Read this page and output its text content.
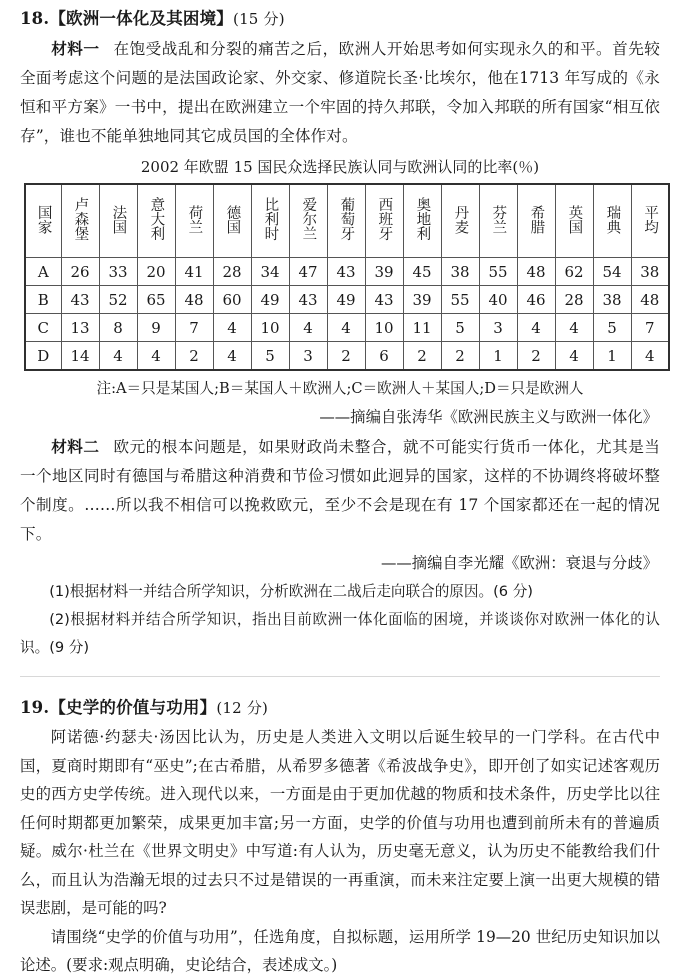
18.【欧洲一体化及其困境】(15 分)

材料一 在饱受战乱和分裂的痛苦之后，欧洲人开始思考如何实现永久的和平。首先较全面考虑这个问题的是法国政论家、外交家、修道院长圣·比埃尔，他在1713 年写成的《永恒和平方案》一书中，提出在欧洲建立一个牢固的持久邦联，令加入邦联的所有国家“相互依存”，谁也不能单独地同其它成员国的全体作对。

2002 年欧盟 15 国民众选择民族认同与欧洲认同的比率(％)

国家	卢森堡	法国	意大利	荷兰	德国	比利时	爱尔兰	葡萄牙	西班牙	奥地利	丹麦	芬兰	希腊	英国	瑞典	平均
A	26	33	20	41	28	34	47	43	39	45	38	55	48	62	54	38
B	43	52	65	48	60	49	43	49	43	39	55	40	46	28	38	48
C	13	8	9	7	4	10	4	4	10	11	5	3	4	4	5	7
D	14	4	4	2	4	5	3	2	6	2	2	1	2	4	1	4

注:A＝只是某国人;B＝某国人＋欧洲人;C＝欧洲人＋某国人;D＝只是欧洲人

——摘编自张涛华《欧洲民族主义与欧洲一体化》

材料二 欧元的根本问题是，如果财政尚未整合，就不可能实行货币一体化，尤其是当一个地区同时有德国与希腊这种消费和节俭习惯如此迥异的国家，这样的不协调终将破坏整个制度。……所以我不相信可以挽救欧元，至少不会是现在有 17 个国家都还在一起的情况下。

——摘编自李光耀《欧洲：衰退与分歧》

(1)根据材料一并结合所学知识，分析欧洲在二战后走向联合的原因。(6 分)

(2)根据材料并结合所学知识，指出目前欧洲一体化面临的困境，并谈谈你对欧洲一体化的认识。(9 分)

19.【史学的价值与功用】(12 分)

阿诺德·约瑟夫·汤因比认为，历史是人类进入文明以后诞生较早的一门学科。在古代中国，夏商时期即有“巫史”;在古希腊，从希罗多德著《希波战争史》，即开创了如实记述客观历史的西方史学传统。进入现代以来，一方面是由于更加优越的物质和技术条件，历史学比以往任何时期都更加繁荣，成果更加丰富;另一方面，史学的价值与功用也遭到前所未有的普遍质疑。威尔·杜兰在《世界文明史》中写道:有人认为，历史毫无意义，认为历史不能教给我们什么，而且认为浩瀚无垠的过去只不过是错误的一再重演，而未来注定要上演一出更大规模的错误悲剧，是可能的吗?

请围绕“史学的价值与功用”，任选角度，自拟标题，运用所学 19—20 世纪历史知识加以论述。(要求:观点明确，史论结合，表述成文。)
